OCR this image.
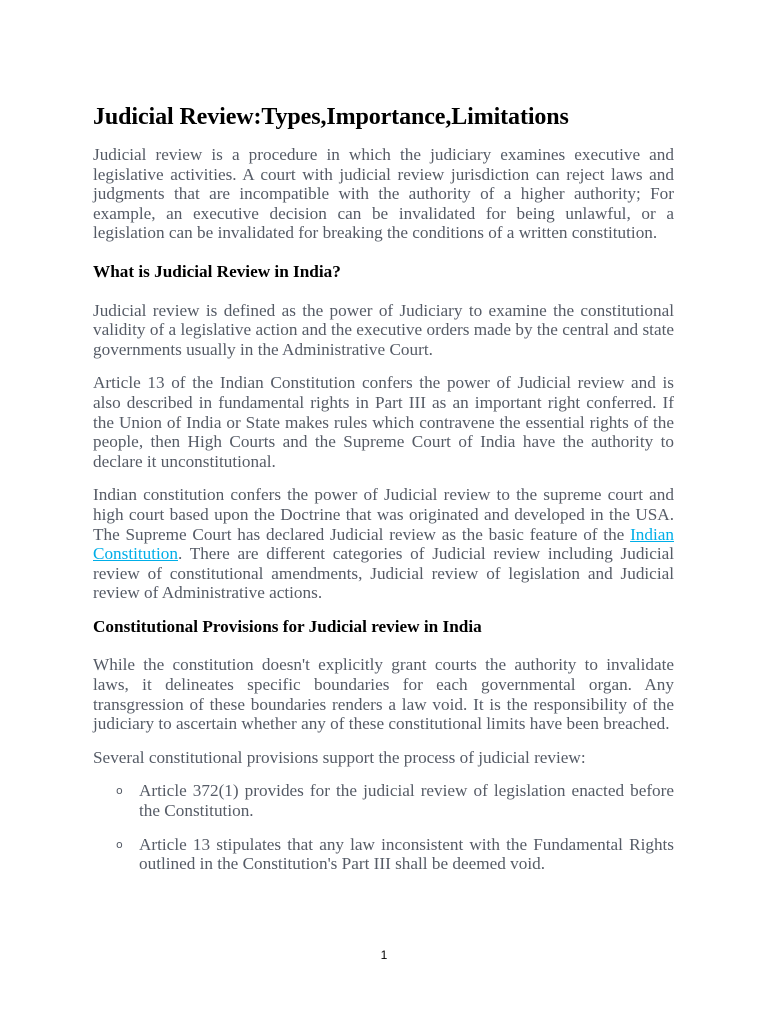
Judicial Review:Types,Importance,Limitations

Judicial review is a procedure in which the judiciary examines executive and legislative activities. A court with judicial review jurisdiction can reject laws and judgments that are incompatible with the authority of a higher authority; For example, an executive decision can be invalidated for being unlawful, or a legislation can be invalidated for breaking the conditions of a written constitution.

What is Judicial Review in India?

Judicial review is defined as the power of Judiciary to examine the constitutional validity of a legislative action and the executive orders made by the central and state governments usually in the Administrative Court.

Article 13 of the Indian Constitution confers the power of Judicial review and is also described in fundamental rights in Part III as an important right conferred. If the Union of India or State makes rules which contravene the essential rights of the people, then High Courts and the Supreme Court of India have the authority to declare it unconstitutional.

Indian constitution confers the power of Judicial review to the supreme court and high court based upon the Doctrine that was originated and developed in the USA. The Supreme Court has declared Judicial review as the basic feature of the Indian Constitution. There are different categories of Judicial review including Judicial review of constitutional amendments, Judicial review of legislation and Judicial review of Administrative actions.

Constitutional Provisions for Judicial review in India

While the constitution doesn't explicitly grant courts the authority to invalidate laws, it delineates specific boundaries for each governmental organ. Any transgression of these boundaries renders a law void. It is the responsibility of the judiciary to ascertain whether any of these constitutional limits have been breached.

Several constitutional provisions support the process of judicial review:

o Article 372(1) provides for the judicial review of legislation enacted before the Constitution.
o Article 13 stipulates that any law inconsistent with the Fundamental Rights outlined in the Constitution's Part III shall be deemed void.
1
